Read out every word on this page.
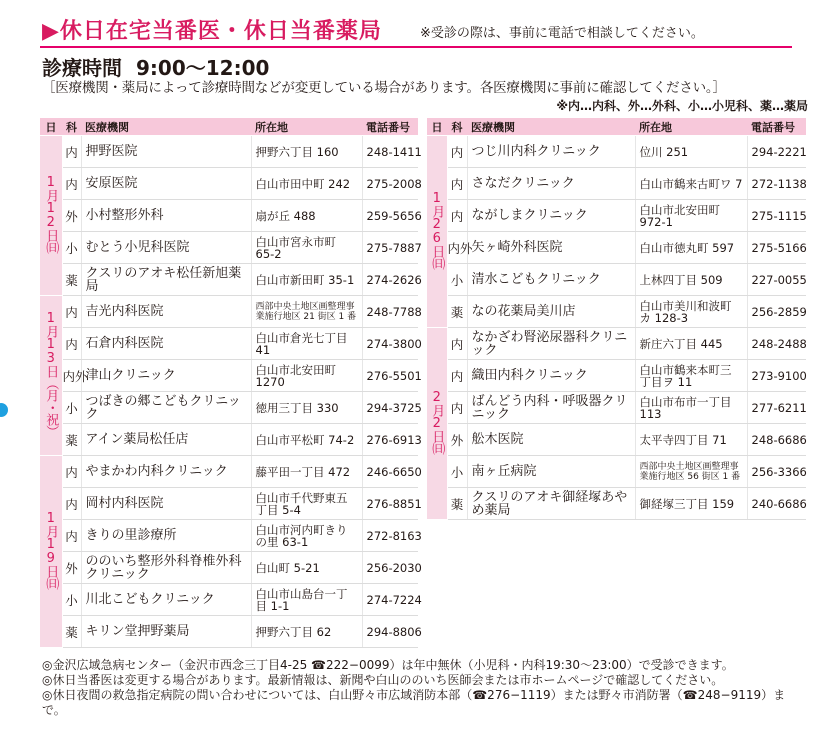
▶休日在宅当番医・休日当番薬局	※受診の際は、事前に電話で相談してください。
診療時間 9:00〜12:00
［医療機関・薬局によって診療時間などが変更している場合があります。各医療機関に事前に確認してください。］
※内…内科、外…外科、小…小児科、薬…薬局
日	科	医療機関	所在地	電話番号
1月12日㈰	内	押野医院	押野六丁目 160	248-1411
	内	安原医院	白山市田中町 242	275-2008
	外	小村整形外科	扇が丘 488	259-5656
	小	むとう小児科医院	白山市宮永市町 65-2	275-7887
	薬	クスリのアオキ松任新旭薬局	白山市新田町 35-1	274-2626
1月13日（月・祝）	内	吉光内科医院	西部中央土地区画整理事業施行地区 21 街区 1 番	248-7788
	内	石倉内科医院	白山市倉光七丁目 41	274-3800
	内外	津山クリニック	白山市北安田町 1270	276-5501
	小	つばきの郷こどもクリニック	徳用三丁目 330	294-3725
	薬	アイン薬局松任店	白山市平松町 74-2	276-6913
1月19日㈰	内	やまかわ内科クリニック	藤平田一丁目 472	246-6650
	内	岡村内科医院	白山市千代野東五丁目 5-4	276-8851
	内	きりの里診療所	白山市河内町きりの里 63-1	272-8163
	外	ののいち整形外科脊椎外科クリニック	白山町 5-21	256-2030
	小	川北こどもクリニック	白山市山島台一丁目 1-1	274-7224
	薬	キリン堂押野薬局	押野六丁目 62	294-8806
日	科	医療機関	所在地	電話番号
1月26日㈰	内	つじ川内科クリニック	位川 251	294-2221
	内	さなだクリニック	白山市鶴来古町ワ 7	272-1138
	内	ながしまクリニック	白山市北安田町 972-1	275-1115
	内外	矢ヶ崎外科医院	白山市徳丸町 597	275-5166
	小	清水こどもクリニック	上林四丁目 509	227-0055
	薬	なの花薬局美川店	白山市美川和波町カ 128-3	256-2859
2月2日㈰	内	なかざわ腎泌尿器科クリニック	新庄六丁目 445	248-2488
	内	織田内科クリニック	白山市鶴来本町三丁目ヲ 11	273-9100
	内	ばんどう内科・呼吸器クリニック	白山市布市一丁目 113	277-6211
	外	舩木医院	太平寺四丁目 71	248-6686
	小	南ヶ丘病院	西部中央土地区画整理事業施行地区 56 街区 1 番	256-3366
	薬	クスリのアオキ御経塚あやめ薬局	御経塚三丁目 159	240-6686

◎金沢広域急病センター（金沢市西念三丁目4-25 ☎222−0099）は年中無休（小児科・内科19:30〜23:00）で受診できます。

◎休日当番医は変更する場合があります。最新情報は、新聞や白山ののいち医師会または市ホームページで確認してください。

◎休日夜間の救急指定病院の問い合わせについては、白山野々市広域消防本部（☎276−1119）または野々市消防署（☎248−9119）まで。
